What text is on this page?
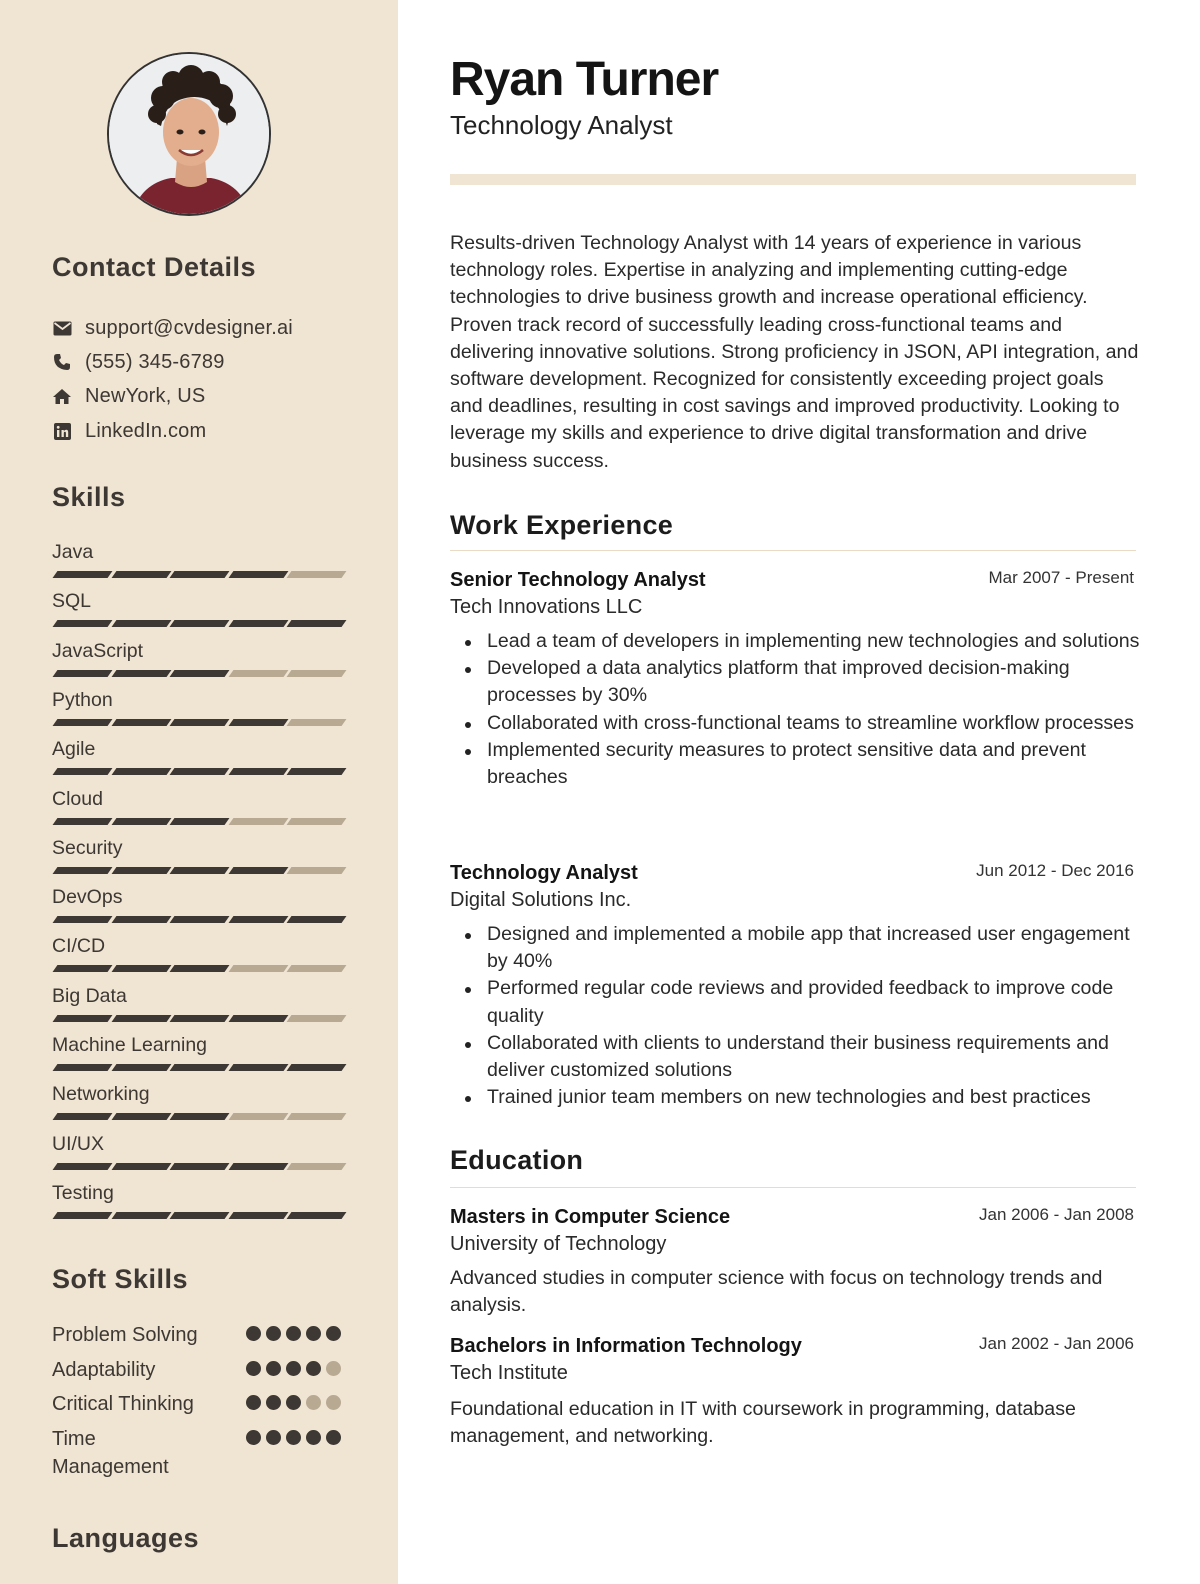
Contact Details
support@cvdesigner.ai
(555) 345-6789
NewYork, US
LinkedIn.com
Skills
Java
SQL
JavaScript
Python
Agile
Cloud
Security
DevOps
CI/CD
Big Data
Machine Learning
Networking
UI/UX
Testing
Soft Skills
Problem Solving
Adaptability
Critical Thinking
Time Management
Languages
Ryan Turner
Technology Analyst

Results-driven Technology Analyst with 14 years of experience in various technology roles. Expertise in analyzing and implementing cutting-edge technologies to drive business growth and increase operational efficiency. Proven track record of successfully leading cross-functional teams and delivering innovative solutions. Strong proficiency in JSON, API integration, and software development. Recognized for consistently exceeding project goals and deadlines, resulting in cost savings and improved productivity. Looking to leverage my skills and experience to drive digital transformation and drive business success.

Work Experience
Senior Technology Analyst	Mar 2007 - Present
Tech Innovations LLC
Lead a team of developers in implementing new technologies and solutions
Developed a data analytics platform that improved decision-making processes by 30%
Collaborated with cross-functional teams to streamline workflow processes
Implemented security measures to protect sensitive data and prevent breaches
Technology Analyst	Jun 2012 - Dec 2016
Digital Solutions Inc.
Designed and implemented a mobile app that increased user engagement by 40%
Performed regular code reviews and provided feedback to improve code quality
Collaborated with clients to understand their business requirements and deliver customized solutions
Trained junior team members on new technologies and best practices
Education
Masters in Computer Science	Jan 2006 - Jan 2008
University of Technology

Advanced studies in computer science with focus on technology trends and analysis.

Bachelors in Information Technology	Jan 2002 - Jan 2006
Tech Institute

Foundational education in IT with coursework in programming, database management, and networking.
